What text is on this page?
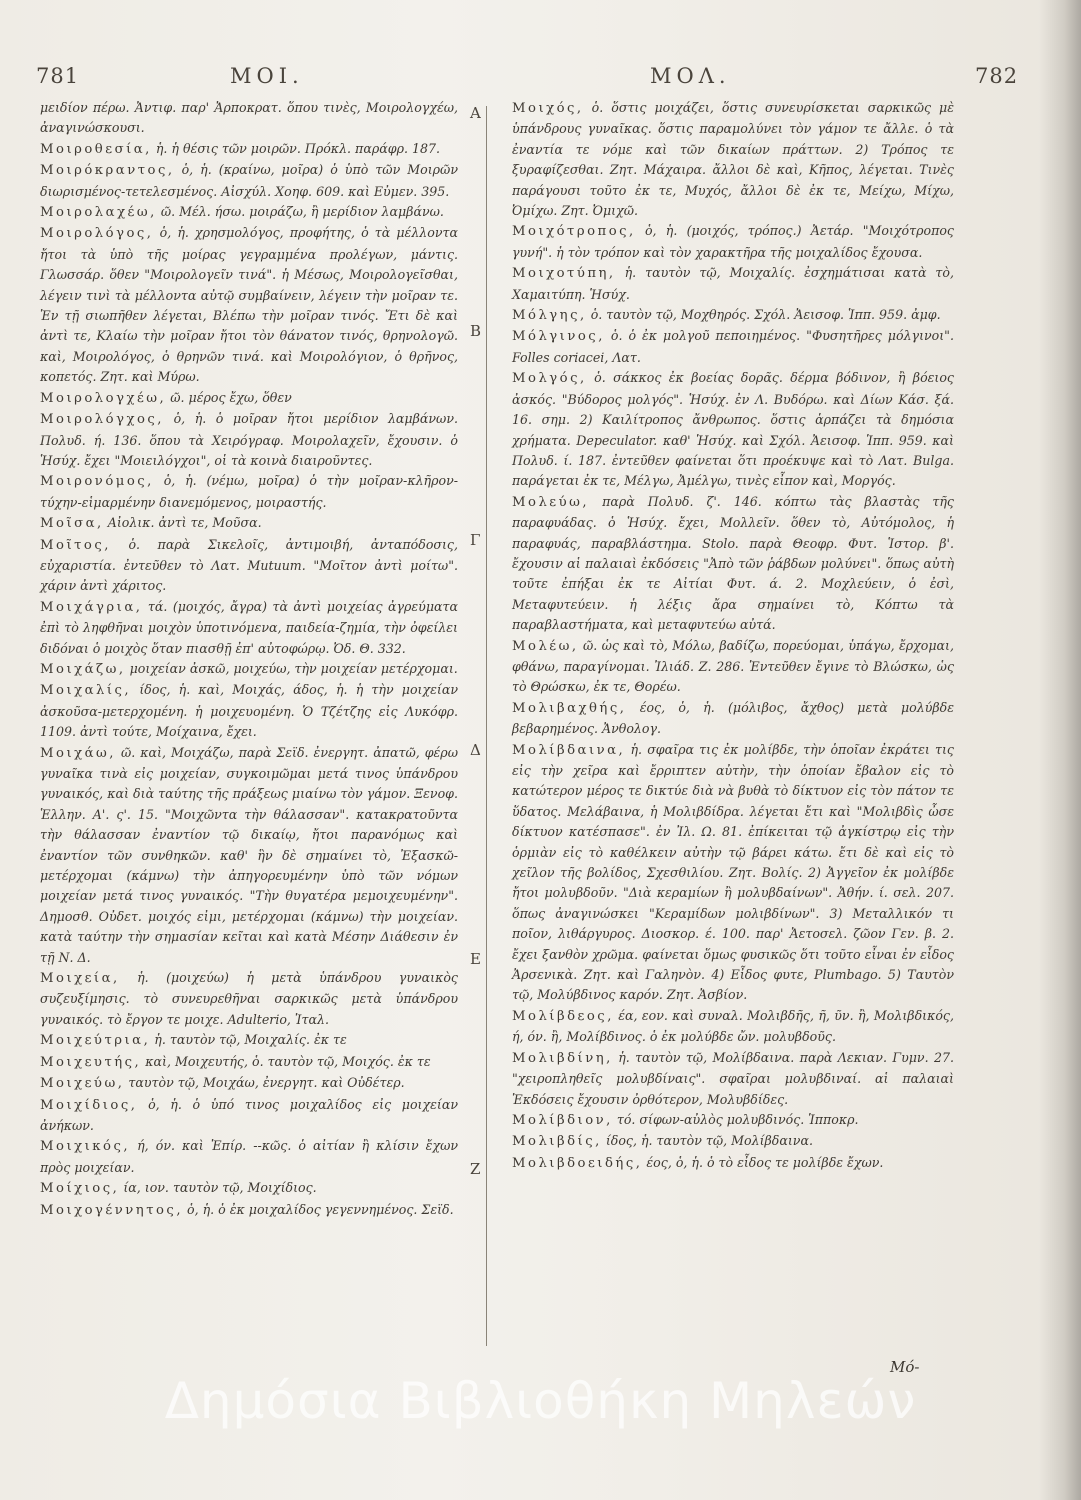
781	ΜΟΙ.	ΜΟΛ.	782

μειδίον πέρω. Ἀντιφ. παρ' Ἀρποκρατ. ὅπου τινὲς, Μοιρολογχέω, ἀναγινώσκουσι.

Μοιροθεσία, ἡ. ἡ θέσις τῶν μοιρῶν. Πρόκλ. παράφρ. 187.

Μοιρόκραντος, ὁ, ἡ. (κραίνω, μοῖρα) ὁ ὑπὸ τῶν Μοιρῶν διωρισμένος-τετελεσμένος. Αἰσχύλ. Χοηφ. 609. καὶ Εὐμεν. 395.

Μοιρολαχέω, ῶ. Μέλ. ήσω. μοιράζω, ἢ μερίδιον λαμβάνω.

Μοιρολόγος, ὁ, ἡ. χρησμολόγος, προφήτης, ὁ τὰ μέλλοντα ἤτοι τὰ ὑπὸ τῆς μοίρας γεγραμμένα προλέγων, μάντις. Γλωσσάρ. ὅθεν "Μοιρολογεῖν τινά". ἡ Μέσως, Μοιρολογεῖσθαι, λέγειν τινὶ τὰ μέλλοντα αὐτῷ συμβαίνειν, λέγειν τὴν μοῖραν τε. Ἐν τῇ σιωπῆθεν λέγεται, Βλέπω τὴν μοῖραν τινός. Ἔτι δὲ καὶ ἀντὶ τε, Κλαίω τὴν μοῖραν ἤτοι τὸν θάνατον τινός, θρηνολογῶ. καὶ, Μοιρολόγος, ὁ θρηνῶν τινά. καὶ Μοιρολόγιον, ὁ θρῆνος, κοπετός. Ζητ. καὶ Μύρω.

Μοιρολογχέω, ῶ. μέρος ἔχω, ὅθεν

Μοιρολόγχος, ὁ, ἡ. ὁ μοῖραν ἤτοι μερίδιον λαμβάνων. Πολυδ. ή. 136. ὅπου τὰ Χειρόγραφ. Μοιρολαχεῖν, ἔχουσιν. ὁ Ἡσύχ. ἔχει "Μοιειλόγχοι", οἱ τὰ κοινὰ διαιροῦντες.

Μοιρονόμος, ὁ, ἡ. (νέμω, μοῖρα) ὁ τὴν μοῖραν-κλῆρον-τύχην-εἱμαρμένην διανεμόμενος, μοιραστής.

Μοῖσα, Αἰολικ. ἀντὶ τε, Μοῦσα.

Μοῖτος, ὁ. παρὰ Σικελοῖς, ἀντιμοιβή, ἀνταπόδοσις, εὐχαριστία. ἐντεῦθεν τὸ Λατ. Mutuum. "Μοῖτον ἀντὶ μοίτω". χάριν ἀντὶ χάριτος.

Μοιχάγρια, τά. (μοιχός, ἄγρα) τὰ ἀντὶ μοιχείας ἀγρεύματα ἐπὶ τὸ ληφθῆναι μοιχὸν ὑποτινόμενα, παιδεία-ζημία, τὴν ὀφείλει διδόναι ὁ μοιχὸς ὅταν πιασθῇ ἐπ' αὐτοφώρῳ. Ὀδ. Θ. 332.

Μοιχάζω, μοιχείαν ἀσκῶ, μοιχεύω, τὴν μοιχείαν μετέρχομαι.

Μοιχαλίς, ίδος, ἡ. καὶ, Μοιχάς, άδος, ἡ. ἡ τὴν μοιχείαν ἀσκοῦσα-μετερχομένη. ἡ μοιχευομένη. Ὁ Τζέτζης εἰς Λυκόφρ. 1109. ἀντὶ τούτε, Μοίχαινα, ἔχει.

Μοιχάω, ῶ. καὶ, Μοιχάζω, παρὰ Σεϊδ. ἐνεργητ. ἀπατῶ, φέρω γυναῖκα τινὰ εἰς μοιχείαν, συγκοιμῶμαι μετά τινος ὑπάνδρου γυναικός, καὶ διὰ ταύτης τῆς πράξεως μιαίνω τὸν γάμον. Ξενοφ. Ἑλλην. Α'. ς'. 15. "Μοιχῶντα τὴν θάλασσαν". κατακρατοῦντα τὴν θάλασσαν ἐναντίον τῷ δικαίῳ, ἤτοι παρανόμως καὶ ἐναντίον τῶν συνθηκῶν. καθ' ἣν δὲ σημαίνει τὸ, Ἐξασκῶ-μετέρχομαι (κάμνω) τὴν ἀπηγορευμένην ὑπὸ τῶν νόμων μοιχείαν μετά τινος γυναικός. "Τὴν θυγατέρα μεμοιχευμένην". Δημοσθ. Οὐδετ. μοιχός εἰμι, μετέρχομαι (κάμνω) τὴν μοιχείαν. κατὰ ταύτην τὴν σημασίαν κεῖται καὶ κατὰ Μέσην Διάθεσιν ἐν τῇ Ν. Δ.

Μοιχεία, ἡ. (μοιχεύω) ἡ μετὰ ὑπάνδρου γυναικὸς συζευξίμησις. τὸ συνευρεθῆναι σαρκικῶς μετὰ ὑπάνδρου γυναικός. τὸ ἔργον τε μοιχε. Adulterio, Ἰταλ.

Μοιχεύτρια, ἡ. ταυτὸν τῷ, Μοιχαλίς. ἐκ τε

Μοιχευτής, καὶ, Μοιχευτής, ὁ. ταυτὸν τῷ, Μοιχός. ἐκ τε

Μοιχεύω, ταυτὸν τῷ, Μοιχάω, ἐνεργητ. καὶ Οὐδέτερ.

Μοιχίδιος, ὁ, ἡ. ὁ ὑπό τινος μοιχαλίδος εἰς μοιχείαν ἀνήκων.

Μοιχικός, ή, όν. καὶ Ἐπίρ. --κῶς. ὁ αἰτίαν ἢ κλίσιν ἔχων πρὸς μοιχείαν.

Μοίχιος, ία, ιον. ταυτὸν τῷ, Μοιχίδιος.

Μοιχογέννητος, ὁ, ἡ. ὁ ἐκ μοιχαλίδος γεγεννημένος. Σεϊδ.

Μοιχός, ὁ. ὅστις μοιχάζει, ὅστις συνευρίσκεται σαρκικῶς μὲ ὑπάνδρους γυναῖκας. ὅστις παραμολύνει τὸν γάμον τε ἄλλε. ὁ τὰ ἐναντία τε νόμε καὶ τῶν δικαίων πράττων. 2) Τρόπος τε ξυραφίζεσθαι. Ζητ. Μάχαιρα. ἄλλοι δὲ καὶ, Κῆπος, λέγεται. Τινὲς παράγουσι τοῦτο ἐκ τε, Μυχός, ἄλλοι δὲ ἐκ τε, Μείχω, Μίχω, Ὀμίχω. Ζητ. Ὀμιχῶ.

Μοιχότροπος, ὁ, ἡ. (μοιχός, τρόπος.) Ἀετάρ. "Μοιχότροπος γυνή". ἡ τὸν τρόπον καὶ τὸν χαρακτῆρα τῆς μοιχαλίδος ἔχουσα.

Μοιχοτύπη, ἡ. ταυτὸν τῷ, Μοιχαλίς. ἐσχημάτισαι κατὰ τὸ, Χαμαιτύπη. Ἡσύχ.

Μόλγης, ὁ. ταυτὸν τῷ, Μοχθηρός. Σχόλ. Ἀεισοφ. Ἱππ. 959. ἀμφ.

Μόλγινος, ὁ. ὁ ἐκ μολγοῦ πεποιημένος. "Φυσητῆρες μόλγινοι". Folles coriacei, Λατ.

Μολγός, ὁ. σάκκος ἐκ βοείας δορᾶς. δέρμα βόδινον, ἢ βόειος ἀσκός. "Βύδορος μολγός". Ἡσύχ. ἐν Λ. Βυδόρω. καὶ Δίων Κάσ. ξά. 16. σημ. 2) Καιλίτροπος ἄνθρωπος. ὅστις ἁρπάζει τὰ δημόσια χρήματα. Depeculator. καθ' Ἡσύχ. καὶ Σχόλ. Ἀεισοφ. Ἱππ. 959. καὶ Πολυδ. ί. 187. ἐντεῦθεν φαίνεται ὅτι προέκυψε καὶ τὸ Λατ. Bulga. παράγεται ἐκ τε, Μέλγω, Ἀμέλγω, τινὲς εἶπον καὶ, Μοργός.

Μολεύω, παρὰ Πολυδ. ζ'. 146. κόπτω τὰς βλαστὰς τῆς παραφυάδας. ὁ Ἡσύχ. ἔχει, Μολλεῖν. ὅθεν τὸ, Αὐτόμολος, ἡ παραφυάς, παραβλάστημα. Stolo. παρὰ Θεοφρ. Φυτ. Ἱστορ. β'. ἔχουσιν αἱ παλαιαὶ ἐκδόσεις "Ἀπὸ τῶν ῥάβδων μολύνει". ὅπως αὐτὴ τοῦτε ἐπήξαι ἐκ τε Αἰτίαι Φυτ. ά. 2. Μοχλεύειν, ὁ ἐσὶ, Μεταφυτεύειν. ἡ λέξις ἄρα σημαίνει τὸ, Κόπτω τὰ παραβλαστήματα, καὶ μεταφυτεύω αὐτά.

Μολέω, ῶ. ὡς καὶ τὸ, Μόλω, βαδίζω, πορεύομαι, ὑπάγω, ἔρχομαι, φθάνω, παραγίνομαι. Ἰλιάδ. Ζ. 286. Ἐντεῦθεν ἔγινε τὸ Βλώσκω, ὡς τὸ Θρώσκω, ἐκ τε, Θορέω.

Μολιβαχθής, έος, ὁ, ἡ. (μόλιβος, ἄχθος) μετὰ μολύβδε βεβαρημένος. Ἀνθολογ.

Μολίβδαινα, ἡ. σφαῖρα τις ἐκ μολίβδε, τὴν ὁποῖαν ἐκράτει τις εἰς τὴν χεῖρα καὶ ἔρριπτεν αὐτὴν, τὴν ὁποίαν ἔβαλον εἰς τὸ κατώτερον μέρος τε δικτύε διὰ νὰ βυθὰ τὸ δίκτυον εἰς τὸν πάτον τε ὕδατος. Μελάβαινα, ἡ Μολιβδίδρα. λέγεται ἔτι καὶ "Μολιβδὶς ὦσε δίκτυον κατέσπασε". ἐν Ἰλ. Ω. 81. ἐπίκειται τῷ ἀγκίστρῳ εἰς τὴν ὁρμιὰν εἰς τὸ καθέλκειν αὐτὴν τῷ βάρει κάτω. ἔτι δὲ καὶ εἰς τὸ χεῖλον τῆς βολίδος, Σχεσθιλίου. Ζητ. Βολίς. 2) Ἀγγεῖον ἐκ μολίβδε ἤτοι μολυβδοῦν. "Διὰ κεραμίων ἢ μολυβδαίνων". Ἀθήν. ί. σελ. 207. ὅπως ἀναγινώσκει "Κεραμίδων μολιβδίνων". 3) Μεταλλικόν τι ποῖον, λιθάργυρος. Διοσκορ. έ. 100. παρ' Ἀετοσελ. ζῶον Γεν. β. 2. ἔχει ξανθὸν χρῶμα. φαίνεται ὅμως φυσικῶς ὅτι τοῦτο εἶναι ἐν εἶδος Ἀρσενικὰ. Ζητ. καὶ Γαληνὸν. 4) Εἶδος φυτε, Plumbago. 5) Ταυτὸν τῷ, Μολύβδινος καρόν. Ζητ. Ἀσβίον.

Μολίβδεος, έα, εον. καὶ συναλ. Μολιβδῆς, ῆ, ῦν. ἢ, Μολιβδικός, ή, όν. ἢ, Μολίβδινος. ὁ ἐκ μολύβδε ὤν. μολυβδοῦς.

Μολιβδίνη, ἡ. ταυτὸν τῷ, Μολίβδαινα. παρὰ Λεκιαν. Γυμν. 27. "χειροπληθεῖς μολυβδίναις". σφαῖραι μολυβδιναί. αἱ παλαιαὶ Ἐκδόσεις ἔχουσιν ὀρθότερον, Μολυβδίδες.

Μολίβδιον, τό. σίφων-αὐλὸς μολυβδινός. Ἱπποκρ.

Μολιβδίς, ίδος, ἡ. ταυτὸν τῷ, Μολίβδαινα.

Μολιβδοειδής, έος, ὁ, ἡ. ὁ τὸ εἶδος τε μολίβδε ἔχων.

Α
Β
Γ
Δ
Ε
Ζ
Μό-
Δημόσια Βιβλιοθήκη Μηλεών
